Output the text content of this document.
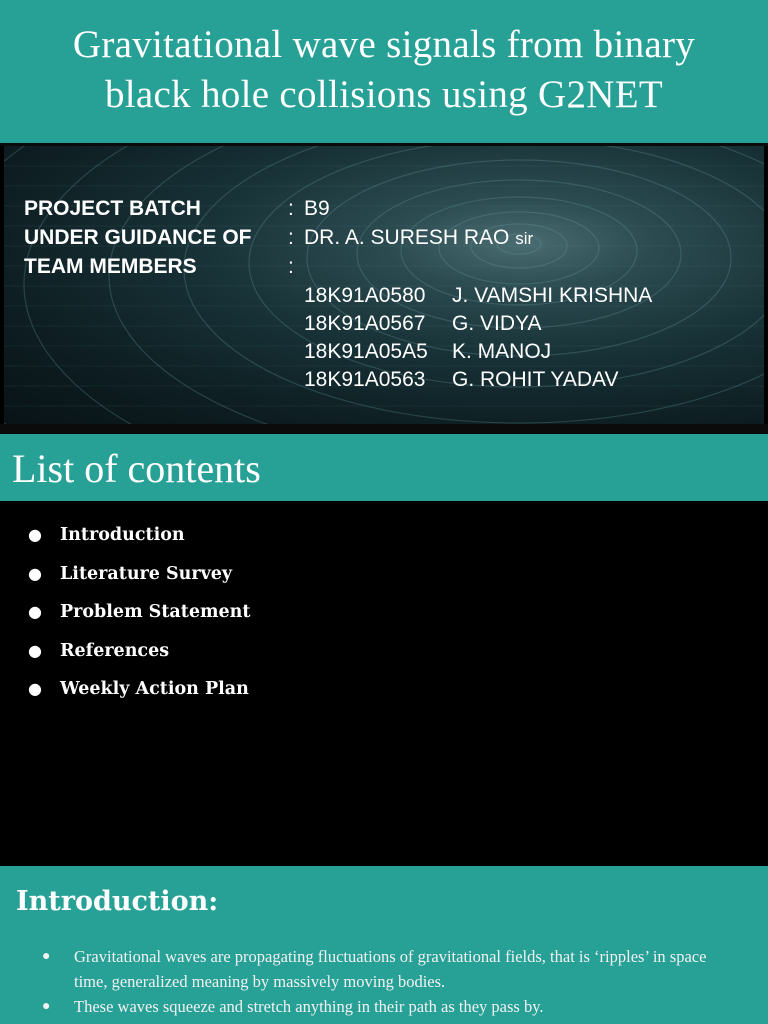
Gravitational wave signals from binary
black hole collisions using G2NET
PROJECT BATCH	: B9
UNDER GUIDANCE OF : DR. A. SURESH RAO sir
TEAM MEMBERS	:
18K91A0580 J. VAMSHI KRISHNA
18K91A0567 G. VIDYA
18K91A05A5 K. MANOJ
18K91A0563 G. ROHIT YADAV
List of contents
● Introduction
● Literature Survey
● Problem Statement
● References
● Weekly Action Plan
Introduction:
● Gravitational waves are propagating fluctuations of gravitational fields, that is ‘ripples’ in space time, generalized meaning by massively moving bodies.
● These waves squeeze and stretch anything in their path as they pass by.
